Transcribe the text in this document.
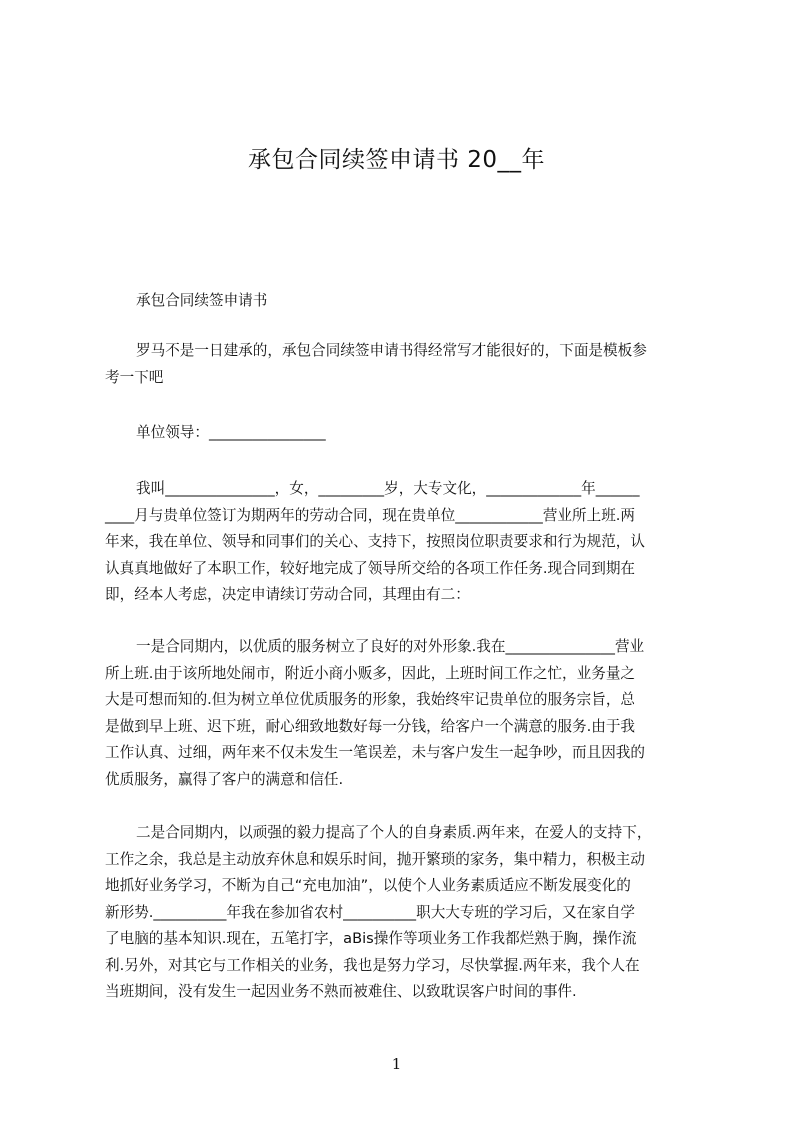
承包合同续签申请书 20__年
承包合同续签申请书
罗马不是一日建承的，承包合同续签申请书得经常写才能很好的，下面是模板参
考一下吧
单位领导：________________
我叫_______________，女，_________岁，大专文化，_____________年______
____月与贵单位签订为期两年的劳动合同，现在贵单位____________营业所上班.两
年来，我在单位、领导和同事们的关心、支持下，按照岗位职责要求和行为规范，认
认真真地做好了本职工作，较好地完成了领导所交给的各项工作任务.现合同到期在
即，经本人考虑，决定申请续订劳动合同，其理由有二：
一是合同期内，以优质的服务树立了良好的对外形象.我在_______________营业
所上班.由于该所地处闹市，附近小商小贩多，因此，上班时间工作之忙，业务量之
大是可想而知的.但为树立单位优质服务的形象，我始终牢记贵单位的服务宗旨，总
是做到早上班、迟下班，耐心细致地数好每一分钱，给客户一个满意的服务.由于我
工作认真、过细，两年来不仅未发生一笔误差，未与客户发生一起争吵，而且因我的
优质服务，赢得了客户的满意和信任.
二是合同期内，以顽强的毅力提高了个人的自身素质.两年来，在爱人的支持下，
工作之余，我总是主动放弃休息和娱乐时间，抛开繁琐的家务，集中精力，积极主动
地抓好业务学习，不断为自己“充电加油”，以使个人业务素质适应不断发展变化的
新形势.__________年我在参加省农村__________职大大专班的学习后，又在家自学
了电脑的基本知识.现在，五笔打字，aBis操作等项业务工作我都烂熟于胸，操作流
利.另外，对其它与工作相关的业务，我也是努力学习，尽快掌握.两年来，我个人在
当班期间，没有发生一起因业务不熟而被难住、以致耽误客户时间的事件.
1
